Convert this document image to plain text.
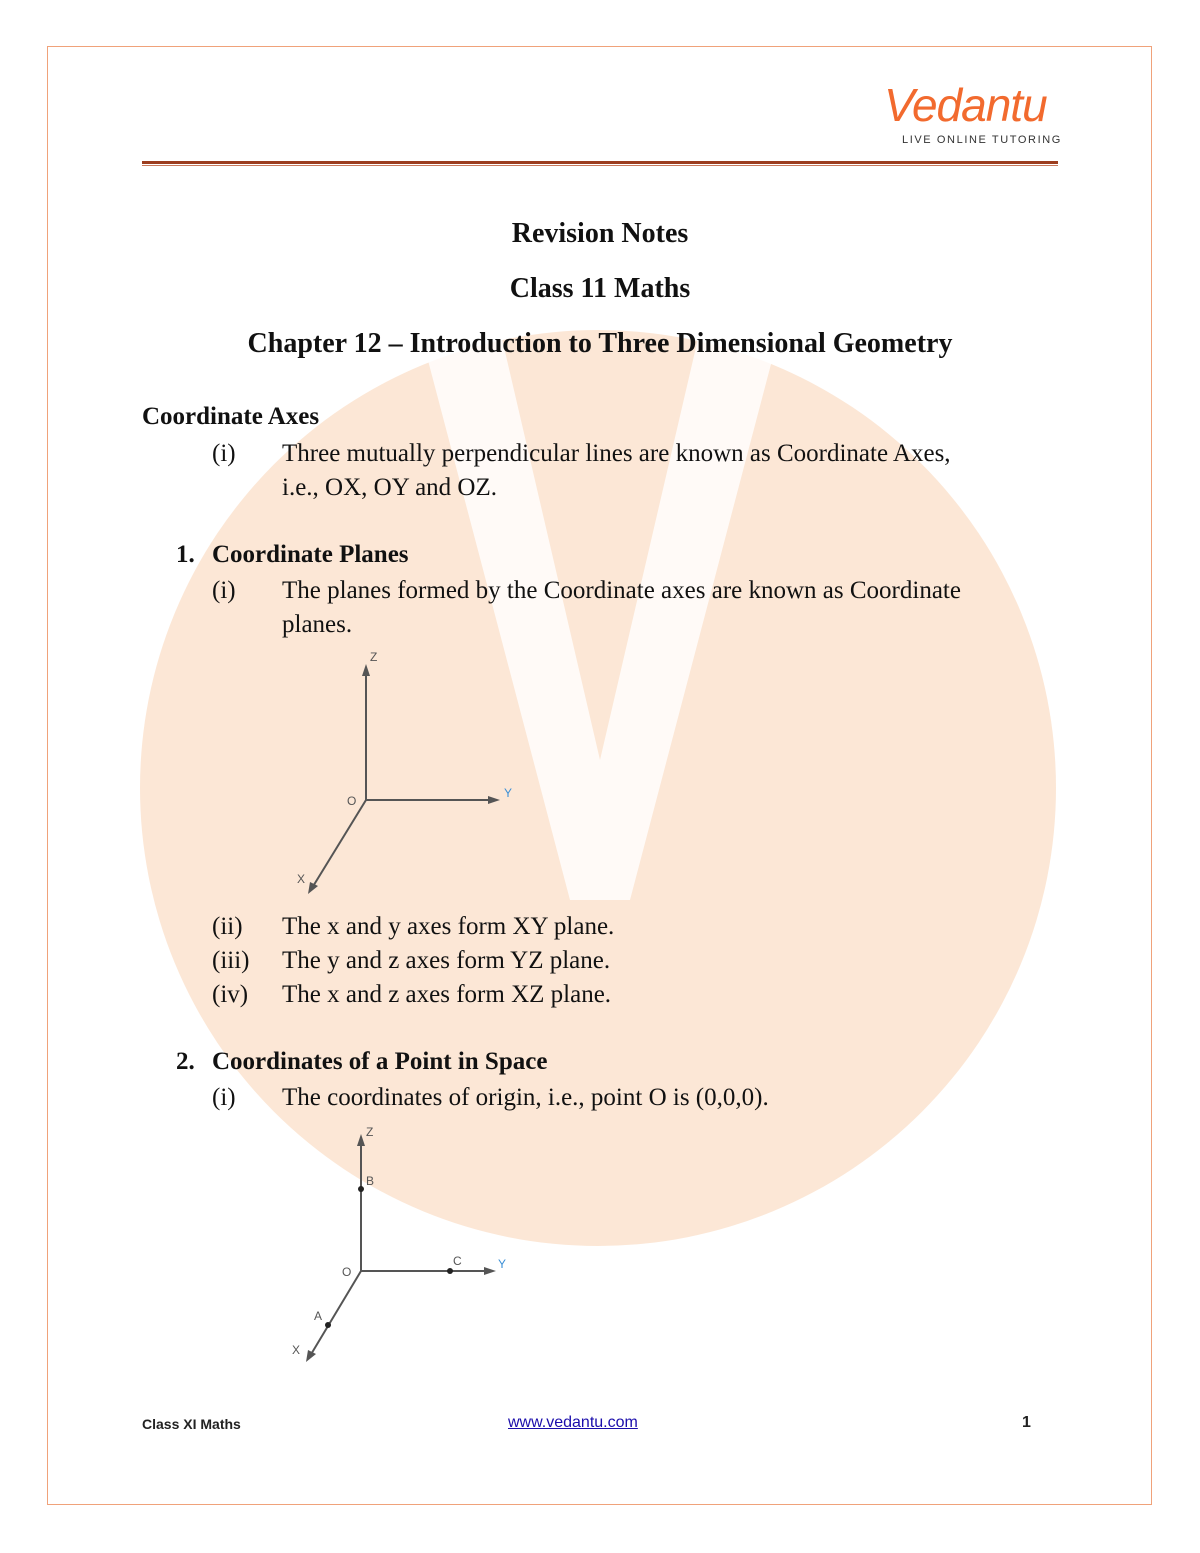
Vedantu
LIVE ONLINE TUTORING
Revision Notes
Class 11 Maths
Chapter 12 – Introduction to Three Dimensional Geometry
Coordinate Axes
(i) Three mutually perpendicular lines are known as Coordinate Axes,
i.e., OX, OY and OZ.
1. Coordinate Planes
(i) The planes formed by the Coordinate axes are known as Coordinate
planes.
Z
Y
X
O
(ii) The x and y axes form XY plane.
(iii) The y and z axes form YZ plane.
(iv) The x and z axes form XZ plane.
2. Coordinates of a Point in Space
(i) The coordinates of origin, i.e., point O is (0,0,0).
Z
Y
X
O
B
C
A
Class XI Maths	www.vedantu.com	1
